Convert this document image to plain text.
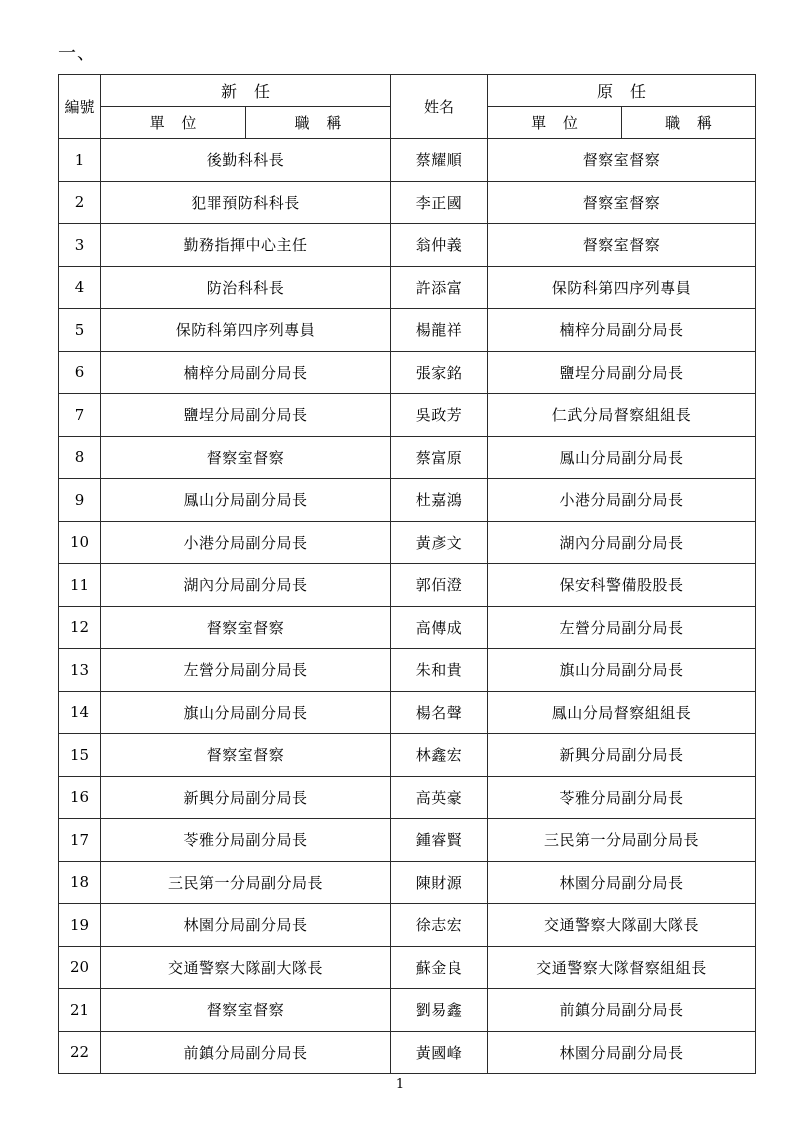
一、
編號	新 任		姓名	原 任	
	單 位	職 稱		單 位	職 稱
1	後勤科科長		蔡耀順	督察室督察	
2	犯罪預防科科長		李正國	督察室督察	
3	勤務指揮中心主任		翁仲義	督察室督察	
4	防治科科長		許添富	保防科第四序列專員	
5	保防科第四序列專員		楊龍祥	楠梓分局副分局長	
6	楠梓分局副分局長		張家銘	鹽埕分局副分局長	
7	鹽埕分局副分局長		吳政芳	仁武分局督察組組長	
8	督察室督察		蔡富原	鳳山分局副分局長	
9	鳳山分局副分局長		杜嘉鴻	小港分局副分局長	
10	小港分局副分局長		黃彥文	湖內分局副分局長	
11	湖內分局副分局長		郭佰澄	保安科警備股股長	
12	督察室督察		高傳成	左營分局副分局長	
13	左營分局副分局長		朱和貴	旗山分局副分局長	
14	旗山分局副分局長		楊名聲	鳳山分局督察組組長	
15	督察室督察		林鑫宏	新興分局副分局長	
16	新興分局副分局長		高英豪	苓雅分局副分局長	
17	苓雅分局副分局長		鍾睿賢	三民第一分局副分局長	
18	三民第一分局副分局長		陳財源	林園分局副分局長	
19	林園分局副分局長		徐志宏	交通警察大隊副大隊長	
20	交通警察大隊副大隊長		蘇金良	交通警察大隊督察組組長	
21	督察室督察		劉易鑫	前鎮分局副分局長	
22	前鎮分局副分局長		黃國峰	林園分局副分局長	
1
